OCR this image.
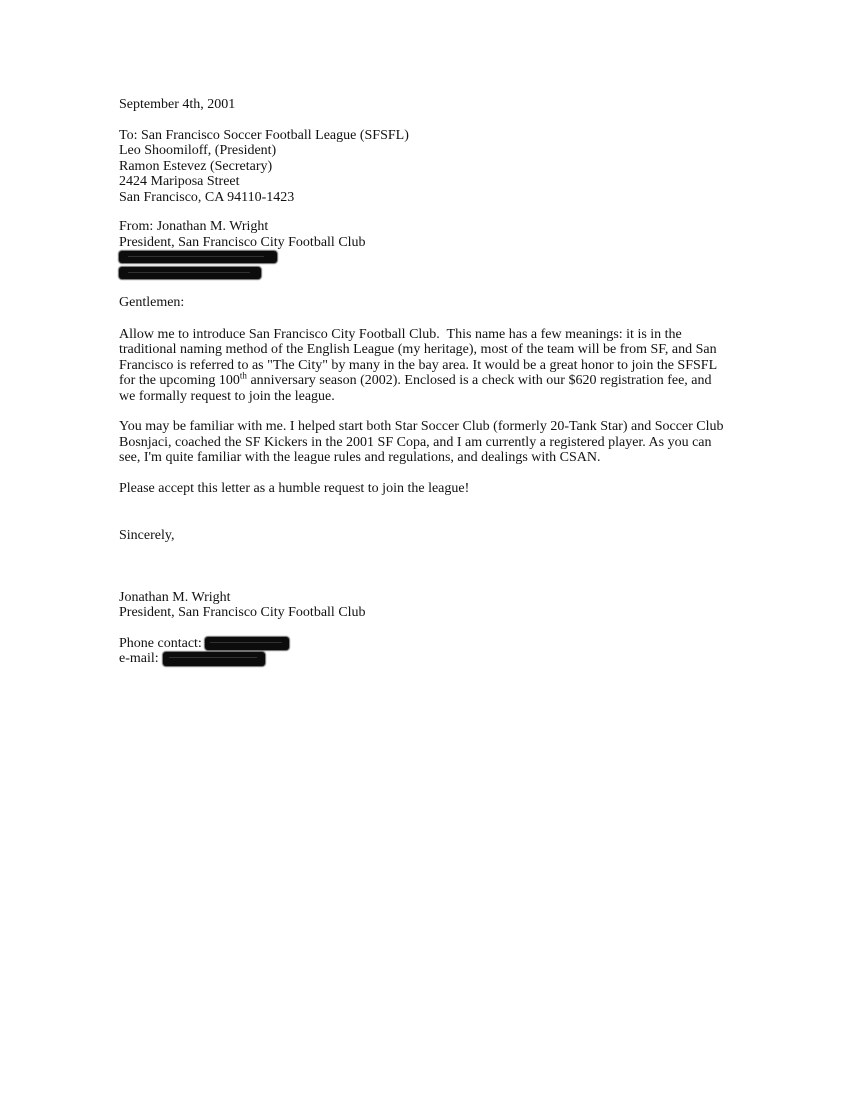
September 4th, 2001
To: San Francisco Soccer Football League (SFSFL)
Leo Shoomiloff, (President)
Ramon Estevez (Secretary)
2424 Mariposa Street
San Francisco, CA 94110-1423
From: Jonathan M. Wright
President, San Francisco City Football Club
Gentlemen:
Allow me to introduce San Francisco City Football Club.  This name has a few meanings: it is in the
traditional naming method of the English League (my heritage), most of the team will be from SF, and San
Francisco is referred to as "The City" by many in the bay area. It would be a great honor to join the SFSFL
for the upcoming 100th anniversary season (2002). Enclosed is a check with our $620 registration fee, and
we formally request to join the league.
You may be familiar with me. I helped start both Star Soccer Club (formerly 20-Tank Star) and Soccer Club
Bosnjaci, coached the SF Kickers in the 2001 SF Copa, and I am currently a registered player. As you can
see, I'm quite familiar with the league rules and regulations, and dealings with CSAN.
Please accept this letter as a humble request to join the league!
Sincerely,
Jonathan M. Wright
President, San Francisco City Football Club
Phone contact:
e-mail:
